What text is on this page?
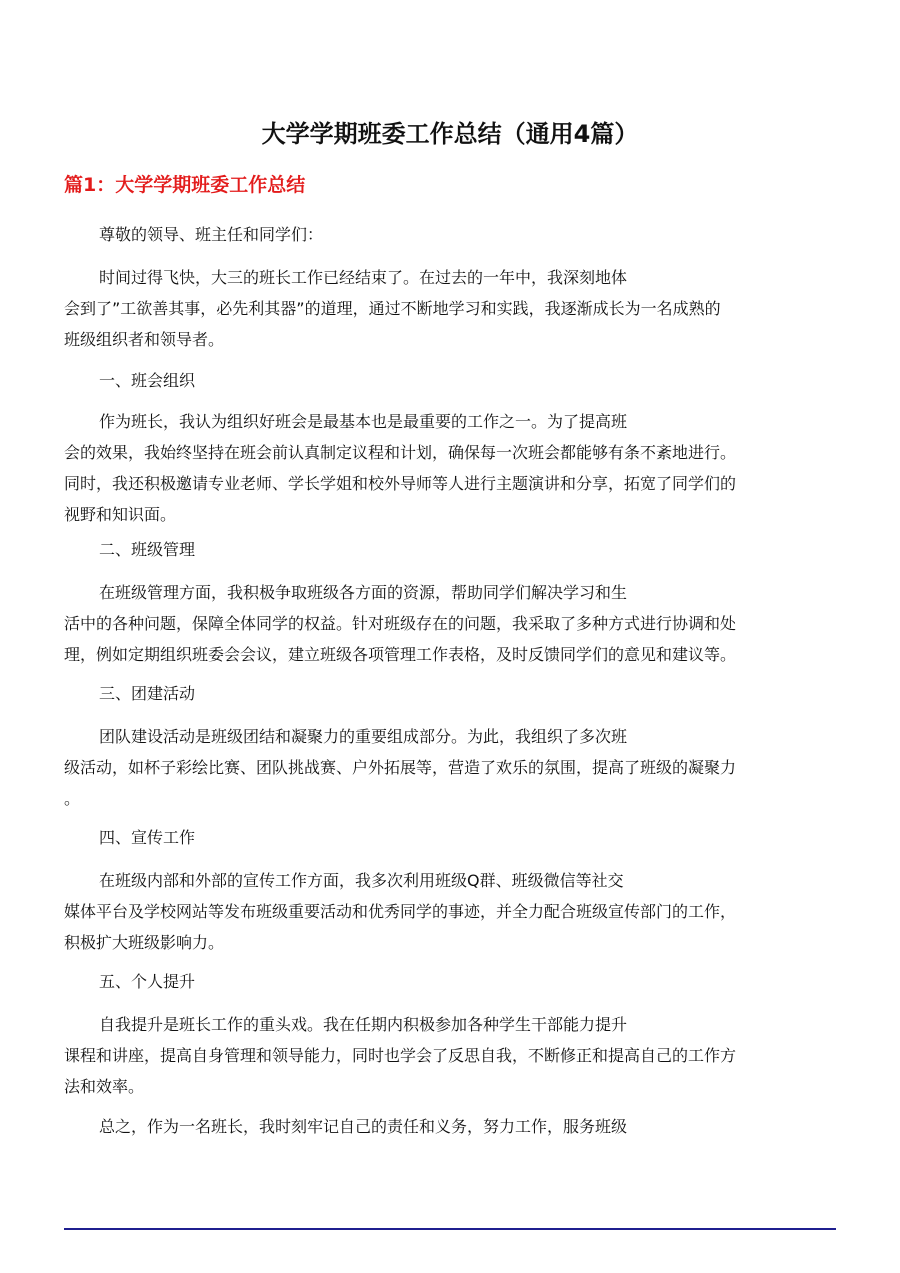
大学学期班委工作总结（通用4篇）
篇1：大学学期班委工作总结
尊敬的领导、班主任和同学们：
时间过得飞快，大三的班长工作已经结束了。在过去的一年中，我深刻地体
会到了”工欲善其事，必先利其器”的道理，通过不断地学习和实践，我逐渐成长为一名成熟的
班级组织者和领导者。
一、班会组织
作为班长，我认为组织好班会是最基本也是最重要的工作之一。为了提高班
会的效果，我始终坚持在班会前认真制定议程和计划，确保每一次班会都能够有条不紊地进行。
同时，我还积极邀请专业老师、学长学姐和校外导师等人进行主题演讲和分享，拓宽了同学们的
视野和知识面。
二、班级管理
在班级管理方面，我积极争取班级各方面的资源，帮助同学们解决学习和生
活中的各种问题，保障全体同学的权益。针对班级存在的问题，我采取了多种方式进行协调和处
理，例如定期组织班委会会议，建立班级各项管理工作表格，及时反馈同学们的意见和建议等。
三、团建活动
团队建设活动是班级团结和凝聚力的重要组成部分。为此，我组织了多次班
级活动，如杯子彩绘比赛、团队挑战赛、户外拓展等，营造了欢乐的氛围，提高了班级的凝聚力
。
四、宣传工作
在班级内部和外部的宣传工作方面，我多次利用班级Q群、班级微信等社交
媒体平台及学校网站等发布班级重要活动和优秀同学的事迹，并全力配合班级宣传部门的工作，
积极扩大班级影响力。
五、个人提升
自我提升是班长工作的重头戏。我在任期内积极参加各种学生干部能力提升
课程和讲座，提高自身管理和领导能力，同时也学会了反思自我，不断修正和提高自己的工作方
法和效率。
总之，作为一名班长，我时刻牢记自己的责任和义务，努力工作，服务班级
